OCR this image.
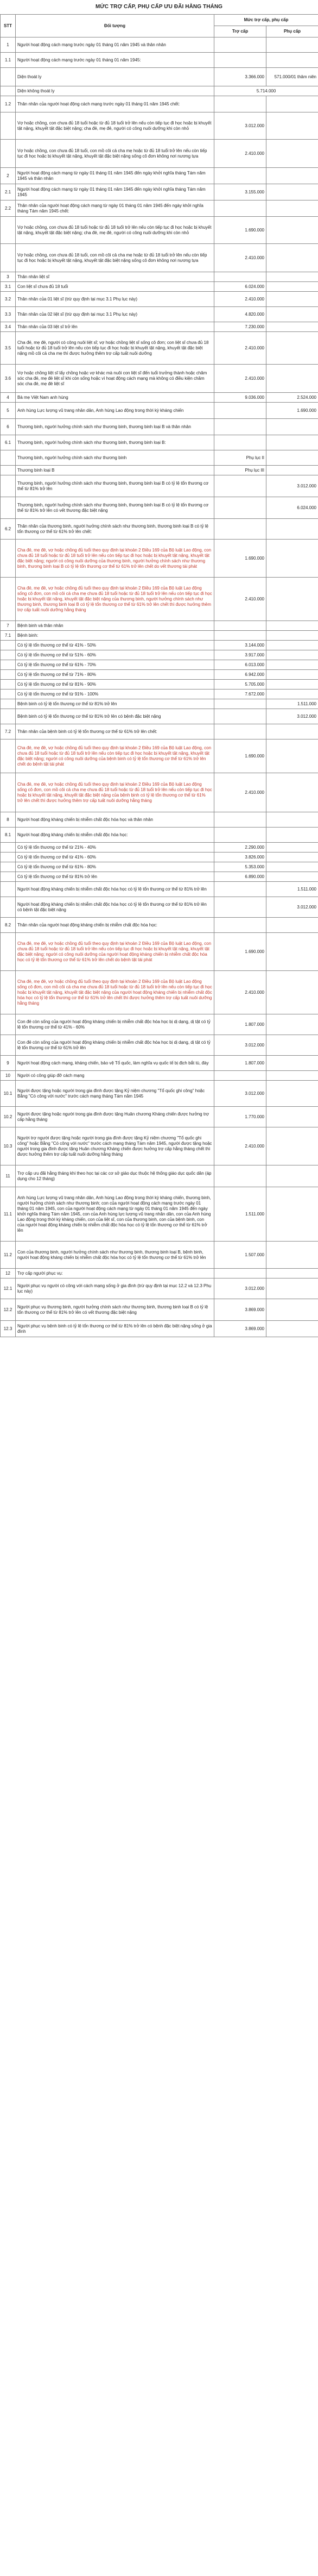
MỨC TRỢ CẤP, PHỤ CẤP ƯU ĐÃI HẰNG THÁNG
STT	Đối tượng	Mức trợ cấp, phụ cấp	
		Trợ cấp	Phụ cấp
1	Người hoạt động cách mạng trước ngày 01 tháng 01 năm 1945 và thân nhân		
1.1	Người hoạt động cách mạng trước ngày 01 tháng 01 năm 1945:		
	Diện thoát ly	3.366.000	571.000/01 thâm niên
	Diện không thoát ly	5.714.000	
1.2	Thân nhân của người hoạt động cách mạng trước ngày 01 tháng 01 năm 1945 chết:		
	Vợ hoặc chồng, con chưa đủ 18 tuổi hoặc từ đủ 18 tuổi trở lên nếu còn tiếp tục đi học hoặc bị khuyết tật nặng, khuyết tật đặc biệt nặng; cha đẻ, mẹ đẻ, người có công nuôi dưỡng khi còn nhỏ	3.012.000	
	Vợ hoặc chồng, con chưa đủ 18 tuổi, con mồ côi cả cha mẹ hoặc từ đủ 18 tuổi trở lên nếu còn tiếp tục đi học hoặc bị khuyết tật nặng, khuyết tật đặc biệt nặng sống cô đơn không nơi nương tựa	2.410.000	
2	Người hoạt động cách mạng từ ngày 01 tháng 01 năm 1945 đến ngày khởi nghĩa tháng Tám năm 1945 và thân nhân		
2.1	Người hoạt động cách mạng từ ngày 01 tháng 01 năm 1945 đến ngày khởi nghĩa tháng Tám năm 1945	3.155.000	
2.2	Thân nhân của người hoạt động cách mạng từ ngày 01 tháng 01 năm 1945 đến ngày khởi nghĩa tháng Tám năm 1945 chết:		
	Vợ hoặc chồng, con chưa đủ 18 tuổi hoặc từ đủ 18 tuổi trở lên nếu còn tiếp tục đi học hoặc bị khuyết tật nặng, khuyết tật đặc biệt nặng; cha đẻ, mẹ đẻ, người có công nuôi dưỡng khi còn nhỏ	1.690.000	
	Vợ hoặc chồng, con chưa đủ 18 tuổi, con mồ côi cả cha mẹ hoặc từ đủ 18 tuổi trở lên nếu còn tiếp tục đi học hoặc bị khuyết tật nặng, khuyết tật đặc biệt nặng sống cô đơn không nơi nương tựa	2.410.000	
3	Thân nhân liệt sĩ		
3.1	Con liệt sĩ chưa đủ 18 tuổi	6.024.000	
3.2	Thân nhân của 01 liệt sĩ (trừ quy định tại mục 3.1 Phụ lục này)	2.410.000	
3.3	Thân nhân của 02 liệt sĩ (trừ quy định tại mục 3.1 Phụ lục này)	4.820.000	
3.4	Thân nhân của 03 liệt sĩ trở lên	7.230.000	
3.5	Cha đẻ, mẹ đẻ, người có công nuôi liệt sĩ; vợ hoặc chồng liệt sĩ sống cô đơn; con liệt sĩ chưa đủ 18 tuổi hoặc từ đủ 18 tuổi trở lên nếu còn tiếp tục đi học hoặc bị khuyết tật nặng, khuyết tật đặc biệt nặng mồ côi cả cha mẹ thì được hưởng thêm trợ cấp tuất nuôi dưỡng	2.410.000	
3.6	Vợ hoặc chồng liệt sĩ lấy chồng hoặc vợ khác mà nuôi con liệt sĩ đến tuổi trưởng thành hoặc chăm sóc cha đẻ, mẹ đẻ liệt sĩ khi còn sống hoặc vì hoạt động cách mạng mà không có điều kiện chăm sóc cha đẻ, mẹ đẻ liệt sĩ	2.410.000	
4	Bà mẹ Việt Nam anh hùng	9.036.000	2.524.000
5	Anh hùng Lực lượng vũ trang nhân dân, Anh hùng Lao động trong thời kỳ kháng chiến		1.690.000
6	Thương binh, người hưởng chính sách như thương binh, thương binh loại B và thân nhân		
6.1	Thương binh, người hưởng chính sách như thương binh, thương binh loại B:		
	Thương binh, người hưởng chính sách như thương binh	Phụ lục II	
	Thương binh loại B	Phụ lục III	
	Thương binh, người hưởng chính sách như thương binh, thương binh loại B có tỷ lệ tổn thương cơ thể từ 81% trở lên		3.012.000
	Thương binh, người hưởng chính sách như thương binh, thương binh loại B có tỷ lệ tổn thương cơ thể từ 81% trở lên có vết thương đặc biệt nặng		6.024.000
6.2	Thân nhân của thương binh, người hưởng chính sách như thương binh, thương binh loại B có tỷ lệ tổn thương cơ thể từ 61% trở lên chết:		
	Cha đẻ, mẹ đẻ, vợ hoặc chồng đủ tuổi theo quy định tại khoản 2 Điều 169 của Bộ luật Lao động, con chưa đủ 18 tuổi hoặc từ đủ 18 tuổi trở lên nếu còn tiếp tục đi học hoặc bị khuyết tật nặng, khuyết tật đặc biệt nặng; người có công nuôi dưỡng của thương binh, người hưởng chính sách như thương binh, thương binh loại B có tỷ lệ tổn thương cơ thể từ 61% trở lên chết do vết thương tái phát	1.690.000	
	Cha đẻ, mẹ đẻ, vợ hoặc chồng đủ tuổi theo quy định tại khoản 2 Điều 169 của Bộ luật Lao động sống cô đơn, con mồ côi cả cha mẹ chưa đủ 18 tuổi hoặc từ đủ 18 tuổi trở lên nếu còn tiếp tục đi học hoặc bị khuyết tật nặng, khuyết tật đặc biệt nặng của thương binh, người hưởng chính sách như thương binh, thương binh loại B có tỷ lệ tổn thương cơ thể từ 61% trở lên chết thì được hưởng thêm trợ cấp tuất nuôi dưỡng hằng tháng	2.410.000	
7	Bệnh binh và thân nhân		
7.1	Bệnh binh:		
	Có tỷ lệ tổn thương cơ thể từ 41% - 50%	3.144.000	
	Có tỷ lệ tổn thương cơ thể từ 51% - 60%	3.917.000	
	Có tỷ lệ tổn thương cơ thể từ 61% - 70%	6.013.000	
	Có tỷ lệ tổn thương cơ thể từ 71% - 80%	6.942.000	
	Có tỷ lệ tổn thương cơ thể từ 81% - 90%	5.705.000	
	Có tỷ lệ tổn thương cơ thể từ 91% - 100%	7.672.000	
	Bệnh binh có tỷ lệ tổn thương cơ thể từ 81% trở lên		1.511.000
	Bệnh binh có tỷ lệ tổn thương cơ thể từ 81% trở lên có bệnh đặc biệt nặng		3.012.000
7.2	Thân nhân của bệnh binh có tỷ lệ tổn thương cơ thể từ 61% trở lên chết:		
	Cha đẻ, mẹ đẻ, vợ hoặc chồng đủ tuổi theo quy định tại khoản 2 Điều 169 của Bộ luật Lao động, con chưa đủ 18 tuổi hoặc từ đủ 18 tuổi trở lên nếu còn tiếp tục đi học hoặc bị khuyết tật nặng, khuyết tật đặc biệt nặng; người có công nuôi dưỡng của bệnh binh có tỷ lệ tổn thương cơ thể từ 61% trở lên chết do bệnh tật tái phát	1.690.000	
	Cha đẻ, mẹ đẻ, vợ hoặc chồng đủ tuổi theo quy định tại khoản 2 Điều 169 của Bộ luật Lao động sống cô đơn, con mồ côi cả cha mẹ chưa đủ 18 tuổi hoặc từ đủ 18 tuổi trở lên nếu còn tiếp tục đi học hoặc bị khuyết tật nặng, khuyết tật đặc biệt nặng của bệnh binh có tỷ lệ tổn thương cơ thể từ 61% trở lên chết thì được hưởng thêm trợ cấp tuất nuôi dưỡng hằng tháng	2.410.000	
8	Người hoạt động kháng chiến bị nhiễm chất độc hóa học và thân nhân		
8.1	Người hoạt động kháng chiến bị nhiễm chất độc hóa học:		
	Có tỷ lệ tổn thương cơ thể từ 21% - 40%	2.290.000	
	Có tỷ lệ tổn thương cơ thể từ 41% - 60%	3.826.000	
	Có tỷ lệ tổn thương cơ thể từ 61% - 80%	5.353.000	
	Có tỷ lệ tổn thương cơ thể từ 81% trở lên	6.890.000	
	Người hoạt động kháng chiến bị nhiễm chất độc hóa học có tỷ lệ tổn thương cơ thể từ 81% trở lên		1.511.000
	Người hoạt động kháng chiến bị nhiễm chất độc hóa học có tỷ lệ tổn thương cơ thể từ 81% trở lên có bệnh tật đặc biệt nặng		3.012.000
8.2	Thân nhân của người hoạt động kháng chiến bị nhiễm chất độc hóa học:		
	Cha đẻ, mẹ đẻ, vợ hoặc chồng đủ tuổi theo quy định tại khoản 2 Điều 169 của Bộ luật Lao động, con chưa đủ 18 tuổi hoặc từ đủ 18 tuổi trở lên nếu còn tiếp tục đi học hoặc bị khuyết tật nặng, khuyết tật đặc biệt nặng; người có công nuôi dưỡng của người hoạt động kháng chiến bị nhiễm chất độc hóa học có tỷ lệ tổn thương cơ thể từ 61% trở lên chết do bệnh tật tái phát	1.690.000	
	Cha đẻ, mẹ đẻ, vợ hoặc chồng đủ tuổi theo quy định tại khoản 2 Điều 169 của Bộ luật Lao động sống cô đơn, con mồ côi cả cha mẹ chưa đủ 18 tuổi hoặc từ đủ 18 tuổi trở lên nếu còn tiếp tục đi học hoặc bị khuyết tật nặng, khuyết tật đặc biệt nặng của người hoạt động kháng chiến bị nhiễm chất độc hóa học có tỷ lệ tổn thương cơ thể từ 61% trở lên chết thì được hưởng thêm trợ cấp tuất nuôi dưỡng hằng tháng	2.410.000	
	Con đẻ còn sống của người hoạt động kháng chiến bị nhiễm chất độc hóa học bị dị dạng, dị tật có tỷ lệ tổn thương cơ thể từ 41% - 60%	1.807.000	
	Con đẻ còn sống của người hoạt động kháng chiến bị nhiễm chất độc hóa học bị dị dạng, dị tật có tỷ lệ tổn thương cơ thể từ 61% trở lên	3.012.000	
9	Người hoạt động cách mạng, kháng chiến, bảo vệ Tổ quốc, làm nghĩa vụ quốc tế bị địch bắt tù, đày	1.807.000	
10	Người có công giúp đỡ cách mạng		
10.1	Người được tặng hoặc người trong gia đình được tặng Kỷ niệm chương "Tổ quốc ghi công" hoặc Bằng "Có công với nước" trước cách mạng tháng Tám năm 1945	3.012.000	
10.2	Người được tặng hoặc người trong gia đình được tặng Huân chương Kháng chiến được hưởng trợ cấp hằng tháng	1.770.000	
10.3	Người trợ người được tặng hoặc người trong gia đình được tặng Kỷ niệm chương "Tổ quốc ghi công" hoặc Bằng "Có công với nước" trước cách mạng tháng Tám năm 1945, người được tặng hoặc người trong gia đình được tặng Huân chương Kháng chiến được hưởng trợ cấp hằng tháng chết thì được hưởng thêm trợ cấp tuất nuôi dưỡng hằng tháng	2.410.000	
11	Trợ cấp ưu đãi hằng tháng khi theo học tại các cơ sở giáo dục thuộc hệ thống giáo dục quốc dân (áp dụng cho 12 tháng)		
11.1	Anh hùng Lực lượng vũ trang nhân dân, Anh hùng Lao động trong thời kỳ kháng chiến, thương binh, người hưởng chính sách như thương binh; con của người hoạt động cách mạng trước ngày 01 tháng 01 năm 1945, con của người hoạt động cách mạng từ ngày 01 tháng 01 năm 1945 đến ngày khởi nghĩa tháng Tám năm 1945, con của Anh hùng lực lượng vũ trang nhân dân, con của Anh hùng Lao động trong thời kỳ kháng chiến, con của liệt sĩ, con của thương binh, con của bệnh binh, con của người hoạt động kháng chiến bị nhiễm chất độc hóa học có tỷ lệ tổn thương cơ thể từ 61% trở lên	1.511.000	
11.2	Con của thương binh, người hưởng chính sách như thương binh, thương binh loại B, bệnh binh, người hoạt động kháng chiến bị nhiễm chất độc hóa học có tỷ lệ tổn thương cơ thể từ 61% trở lên	1.507.000	
12	Trợ cấp người phục vụ:		
12.1	Người phục vụ người có công với cách mạng sống ở gia đình (trừ quy định tại mục 12.2 và 12.3 Phụ lục này)	3.012.000	
12.2	Người phục vụ thương binh, người hưởng chính sách như thương binh, thương binh loại B có tỷ lệ tổn thương cơ thể từ 81% trở lên có vết thương đặc biệt nặng	3.869.000	
12.3	Người phục vụ bệnh binh có tỷ lệ tổn thương cơ thể từ 81% trở lên có bệnh đặc biệt nặng sống ở gia đình	3.869.000	
